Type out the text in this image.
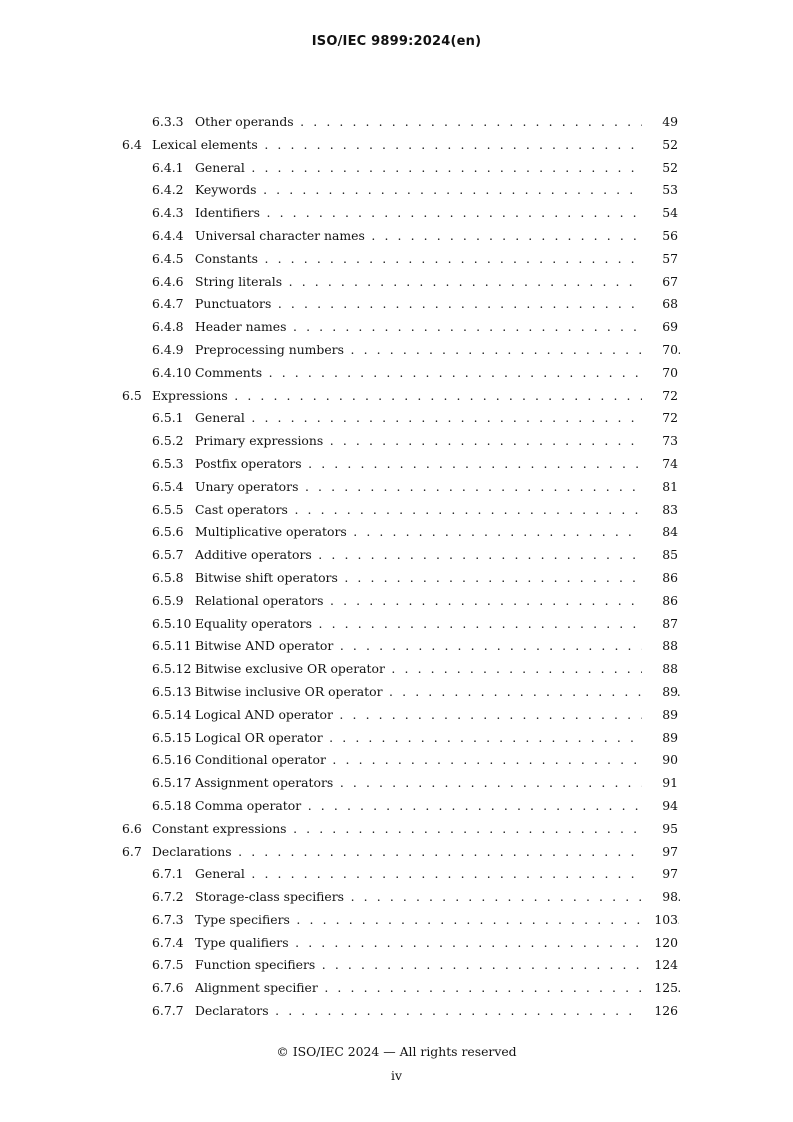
ISO/IEC 9899:2024(en)
6.3.3 Other operands . . .	49
6.4 Lexical elements . . .	52
6.4.1 General . . .	52
6.4.2 Keywords . . .	53
6.4.3 Identifiers . . .	54
6.4.4 Universal character names . . .	56
6.4.5 Constants . . .	57
6.4.6 String literals . . .	67
6.4.7 Punctuators . . .	68
6.4.8 Header names . . .	69
6.4.9 Preprocessing numbers . . .	70
6.4.10 Comments . . .	70
6.5 Expressions . . .	72
6.5.1 General . . .	72
6.5.2 Primary expressions . . .	73
6.5.3 Postfix operators . . .	74
6.5.4 Unary operators . . .	81
6.5.5 Cast operators . . .	83
6.5.6 Multiplicative operators . . .	84
6.5.7 Additive operators . . .	85
6.5.8 Bitwise shift operators . . .	86
6.5.9 Relational operators . . .	86
6.5.10 Equality operators . . .	87
6.5.11 Bitwise AND operator . . .	88
6.5.12 Bitwise exclusive OR operator . . .	88
6.5.13 Bitwise inclusive OR operator . . .	89
6.5.14 Logical AND operator . . .	89
6.5.15 Logical OR operator . . .	89
6.5.16 Conditional operator . . .	90
6.5.17 Assignment operators . . .	91
6.5.18 Comma operator . . .	94
6.6 Constant expressions . . .	95
6.7 Declarations . . .	97
6.7.1 General . . .	97
6.7.2 Storage-class specifiers . . .	98
6.7.3 Type specifiers . . .	103
6.7.4 Type qualifiers . . .	120
6.7.5 Function specifiers . . .	124
6.7.6 Alignment specifier . . .	125
6.7.7 Declarators . . .	126
© ISO/IEC 2024 — All rights reserved
iv
